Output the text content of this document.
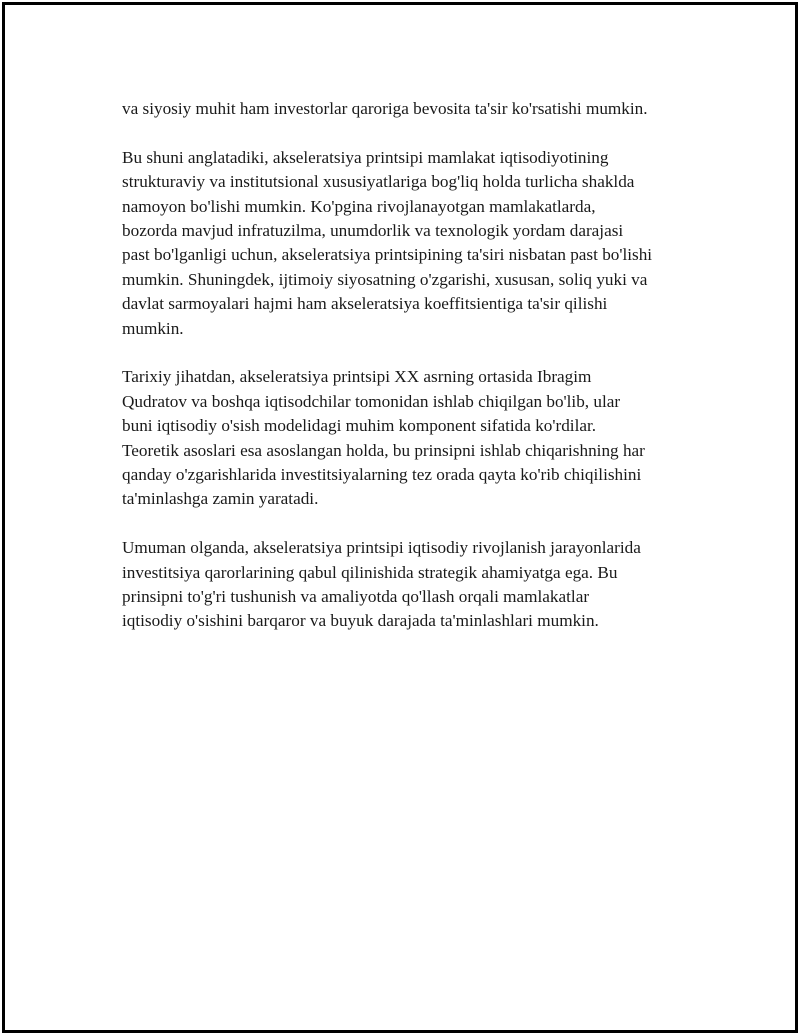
va siyosiy muhit ham investorlar qaroriga bevosita ta'sir ko'rsatishi mumkin.

Bu shuni anglatadiki, akseleratsiya printsipi mamlakat iqtisodiyotining
strukturaviy va institutsional xususiyatlariga bog'liq holda turlicha shaklda
namoyon bo'lishi mumkin. Ko'pgina rivojlanayotgan mamlakatlarda,
bozorda mavjud infratuzilma, unumdorlik va texnologik yordam darajasi
past bo'lganligi uchun, akseleratsiya printsipining ta'siri nisbatan past bo'lishi
mumkin. Shuningdek, ijtimoiy siyosatning o'zgarishi, xususan, soliq yuki va
davlat sarmoyalari hajmi ham akseleratsiya koeffitsientiga ta'sir qilishi
mumkin.

Tarixiy jihatdan, akseleratsiya printsipi XX asrning ortasida Ibragim
Qudratov va boshqa iqtisodchilar tomonidan ishlab chiqilgan bo'lib, ular
buni iqtisodiy o'sish modelidagi muhim komponent sifatida ko'rdilar.
Teoretik asoslari esa asoslangan holda, bu prinsipni ishlab chiqarishning har
qanday o'zgarishlarida investitsiyalarning tez orada qayta ko'rib chiqilishini
ta'minlashga zamin yaratadi.

Umuman olganda, akseleratsiya printsipi iqtisodiy rivojlanish jarayonlarida
investitsiya qarorlarining qabul qilinishida strategik ahamiyatga ega. Bu
prinsipni to'g'ri tushunish va amaliyotda qo'llash orqali mamlakatlar
iqtisodiy o'sishini barqaror va buyuk darajada ta'minlashlari mumkin.
